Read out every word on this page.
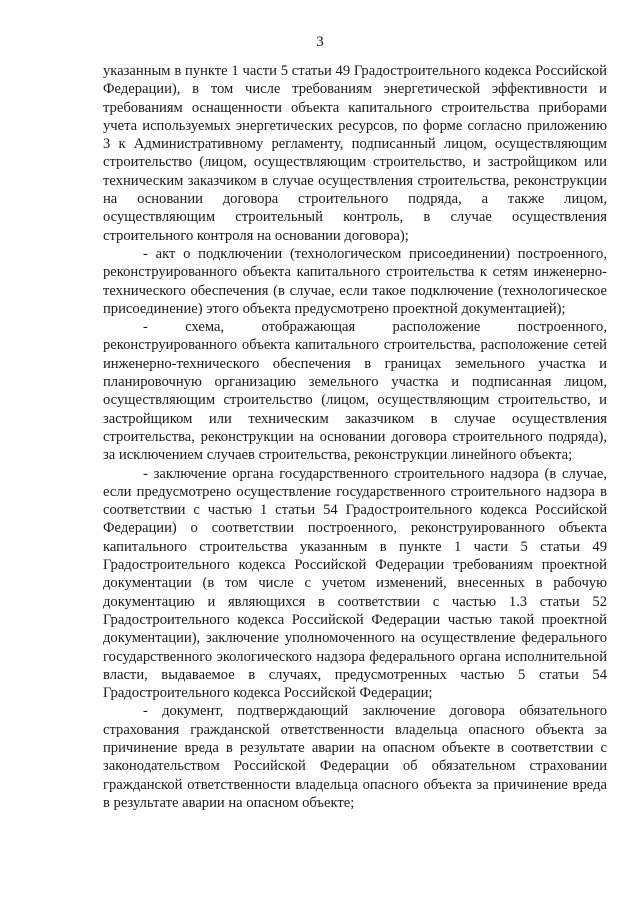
3

указанным в пункте 1 части 5 статьи 49 Градостроительного кодекса Российской Федерации), в том числе требованиям энергетической эффективности и требованиям оснащенности объекта капитального строительства приборами учета используемых энергетических ресурсов, по форме согласно приложению 3 к Административному регламенту, подписанный лицом, осуществляющим строительство (лицом, осуществляющим строительство, и застройщиком или техническим заказчиком в случае осуществления строительства, реконструкции на основании договора строительного подряда, а также лицом, осуществляющим строительный контроль, в случае осуществления строительного контроля на основании договора);

- акт о подключении (технологическом присоединении) построенного, реконструированного объекта капитального строительства к сетям инженерно-технического обеспечения (в случае, если такое подключение (технологическое присоединение) этого объекта предусмотрено проектной документацией);

- схема, отображающая расположение построенного, реконструированного объекта капитального строительства, расположение сетей инженерно-технического обеспечения в границах земельного участка и планировочную организацию земельного участка и подписанная лицом, осуществляющим строительство (лицом, осуществляющим строительство, и застройщиком или техническим заказчиком в случае осуществления строительства, реконструкции на основании договора строительного подряда), за исключением случаев строительства, реконструкции линейного объекта;

- заключение органа государственного строительного надзора (в случае, если предусмотрено осуществление государственного строительного надзора в соответствии с частью 1 статьи 54 Градостроительного кодекса Российской Федерации) о соответствии построенного, реконструированного объекта капитального строительства указанным в пункте 1 части 5 статьи 49 Градостроительного кодекса Российской Федерации требованиям проектной документации (в том числе с учетом изменений, внесенных в рабочую документацию и являющихся в соответствии с частью 1.3 статьи 52 Градостроительного кодекса Российской Федерации частью такой проектной документации), заключение уполномоченного на осуществление федерального государственного экологического надзора федерального органа исполнительной власти, выдаваемое в случаях, предусмотренных частью 5 статьи 54 Градостроительного кодекса Российской Федерации;

- документ, подтверждающий заключение договора обязательного страхования гражданской ответственности владельца опасного объекта за причинение вреда в результате аварии на опасном объекте в соответствии с законодательством Российской Федерации об обязательном страховании гражданской ответственности владельца опасного объекта за причинение вреда в результате аварии на опасном объекте;
